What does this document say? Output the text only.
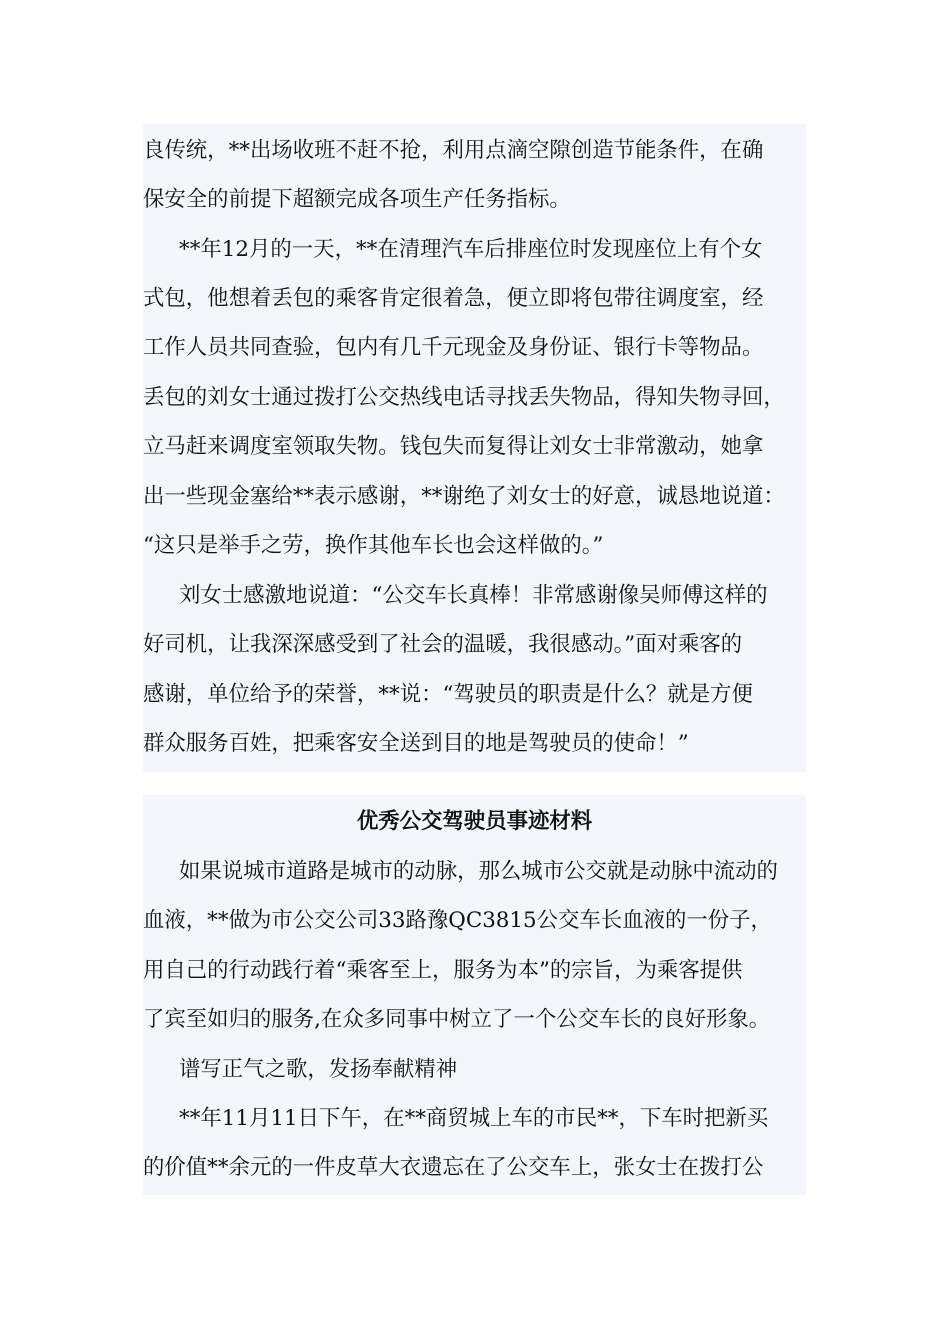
良传统，**出场收班不赶不抢，利用点滴空隙创造节能条件，在确
保安全的前提下超额完成各项生产任务指标。
**年12月的一天，**在清理汽车后排座位时发现座位上有个女
式包，他想着丢包的乘客肯定很着急，便立即将包带往调度室，经
工作人员共同查验，包内有几千元现金及身份证、银行卡等物品。
丢包的刘女士通过拨打公交热线电话寻找丢失物品，得知失物寻回，
立马赶来调度室领取失物。钱包失而复得让刘女士非常激动，她拿
出一些现金塞给**表示感谢，**谢绝了刘女士的好意，诚恳地说道：
“这只是举手之劳，换作其他车长也会这样做的。”
刘女士感激地说道：“公交车长真棒！非常感谢像吴师傅这样的
好司机，让我深深感受到了社会的温暖，我很感动。”面对乘客的
感谢，单位给予的荣誉，**说：“驾驶员的职责是什么？就是方便
群众服务百姓，把乘客安全送到目的地是驾驶员的使命！”
优秀公交驾驶员事迹材料
如果说城市道路是城市的动脉，那么城市公交就是动脉中流动的
血液，**做为市公交公司33路豫QC3815公交车长血液的一份子，
用自己的行动践行着“乘客至上，服务为本”的宗旨，为乘客提供
了宾至如归的服务,在众多同事中树立了一个公交车长的良好形象。
谱写正气之歌，发扬奉献精神
**年11月11日下午，在**商贸城上车的市民**，下车时把新买
的价值**余元的一件皮草大衣遗忘在了公交车上，张女士在拨打公
